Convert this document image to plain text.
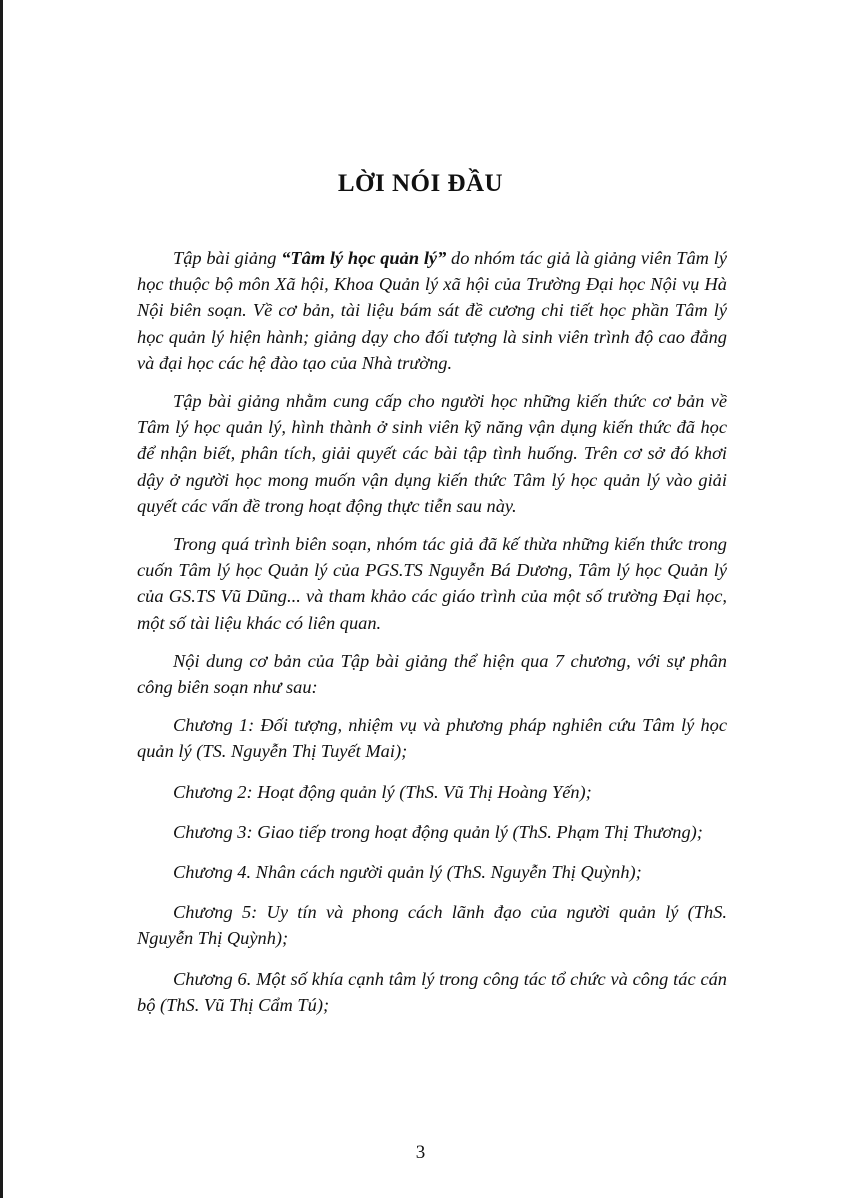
LỜI NÓI ĐẦU

Tập bài giảng “Tâm lý học quản lý” do nhóm tác giả là giảng viên Tâm lý học thuộc bộ môn Xã hội, Khoa Quản lý xã hội của Trường Đại học Nội vụ Hà Nội biên soạn. Về cơ bản, tài liệu bám sát đề cương chi tiết học phần Tâm lý học quản lý hiện hành; giảng dạy cho đối tượng là sinh viên trình độ cao đẳng và đại học các hệ đào tạo của Nhà trường.

Tập bài giảng nhằm cung cấp cho người học những kiến thức cơ bản về Tâm lý học quản lý, hình thành ở sinh viên kỹ năng vận dụng kiến thức đã học để nhận biết, phân tích, giải quyết các bài tập tình huống. Trên cơ sở đó khơi dậy ở người học mong muốn vận dụng kiến thức Tâm lý học quản lý vào giải quyết các vấn đề trong hoạt động thực tiễn sau này.

Trong quá trình biên soạn, nhóm tác giả đã kế thừa những kiến thức trong cuốn Tâm lý học Quản lý của PGS.TS Nguyễn Bá Dương, Tâm lý học Quản lý của GS.TS Vũ Dũng... và tham khảo các giáo trình của một số trường Đại học, một số tài liệu khác có liên quan.

Nội dung cơ bản của Tập bài giảng thể hiện qua 7 chương, với sự phân công biên soạn như sau:

Chương 1: Đối tượng, nhiệm vụ và phương pháp nghiên cứu Tâm lý học quản lý (TS. Nguyễn Thị Tuyết Mai);

Chương 2: Hoạt động quản lý (ThS. Vũ Thị Hoàng Yến);

Chương 3: Giao tiếp trong hoạt động quản lý (ThS. Phạm Thị Thương);

Chương 4. Nhân cách người quản lý (ThS. Nguyễn Thị Quỳnh);

Chương 5: Uy tín và phong cách lãnh đạo của người quản lý (ThS. Nguyễn Thị Quỳnh);

Chương 6. Một số khía cạnh tâm lý trong công tác tổ chức và công tác cán bộ (ThS. Vũ Thị Cẩm Tú);

3
